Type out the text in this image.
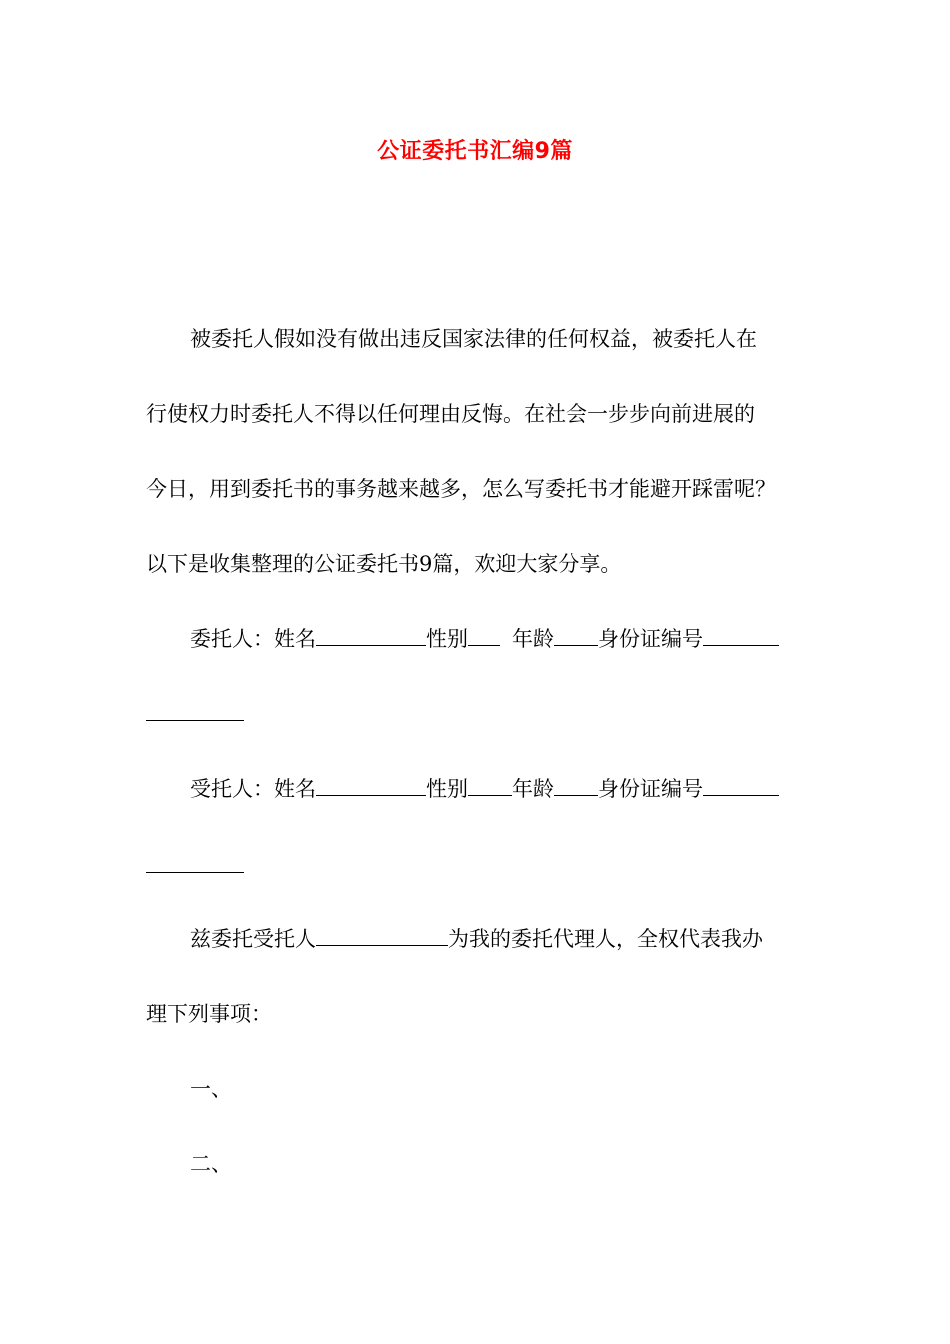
公证委托书汇编9篇
被委托人假如没有做出违反国家法律的任何权益，被委托人在
行使权力时委托人不得以任何理由反悔。在社会一步步向前进展的
今日，用到委托书的事务越来越多，怎么写委托书才能避开踩雷呢？
以下是收集整理的公证委托书9篇，欢迎大家分享。
委托人：姓名	性别 年龄 身份证编号
受托人：姓名	性别 年龄 身份证编号
兹委托受托人	为我的委托代理人，全权代表我办
理下列事项：
一、
二、
